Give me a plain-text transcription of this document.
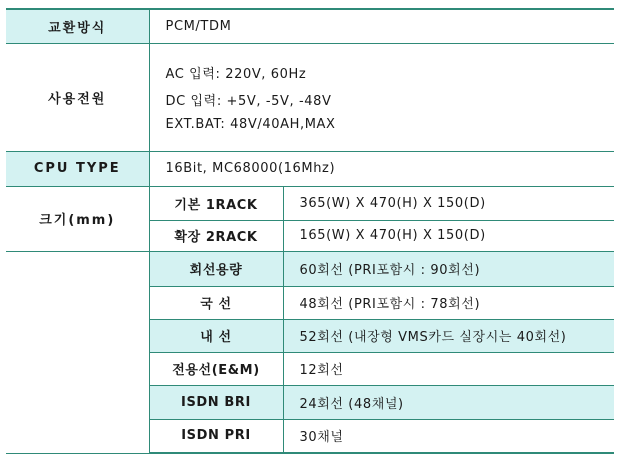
교환방식	PCM/TDM	
사용전원	AC 입력: 220V, 60Hz
DC 입력: +5V, -5V, -48V
EXT.BAT: 48V/40AH,MAX	

CPU TYPE	16Bit, MC68000(16Mhz)	
크기(mm)	기본 1RACK	365(W) X 470(H) X 150(D)
	확장 2RACK	165(W) X 470(H) X 150(D)
	회선용량	60회선 (PRI포함시 : 90회선)
	국 선	48회선 (PRI포함시 : 78회선)
	내 선	52회선 (내장형 VMS카드 실장시는 40회선)
	전용선(E&M)	12회선
	ISDN BRI	24회선 (48채널)
	ISDN PRI	30채널
